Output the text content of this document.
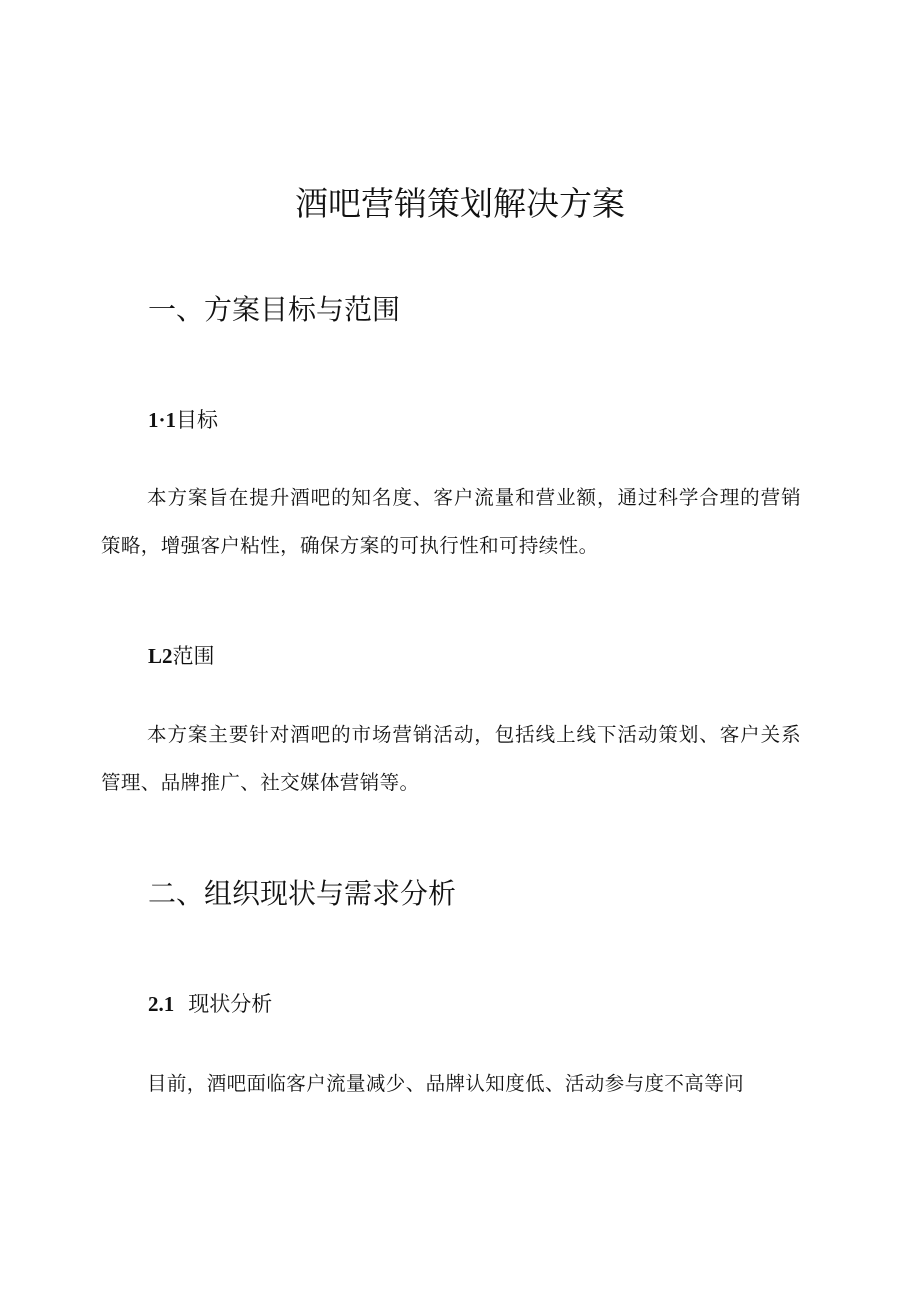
酒吧营销策划解决方案
一、方案目标与范围
1·1目标

本方案旨在提升酒吧的知名度、客户流量和营业额，通过科学合理的营销策略，增强客户粘性，确保方案的可执行性和可持续性。

L2范围

本方案主要针对酒吧的市场营销活动，包括线上线下活动策划、客户关系管理、品牌推广、社交媒体营销等。

二、组织现状与需求分析
2.1 现状分析

目前，酒吧面临客户流量减少、品牌认知度低、活动参与度不高等问
